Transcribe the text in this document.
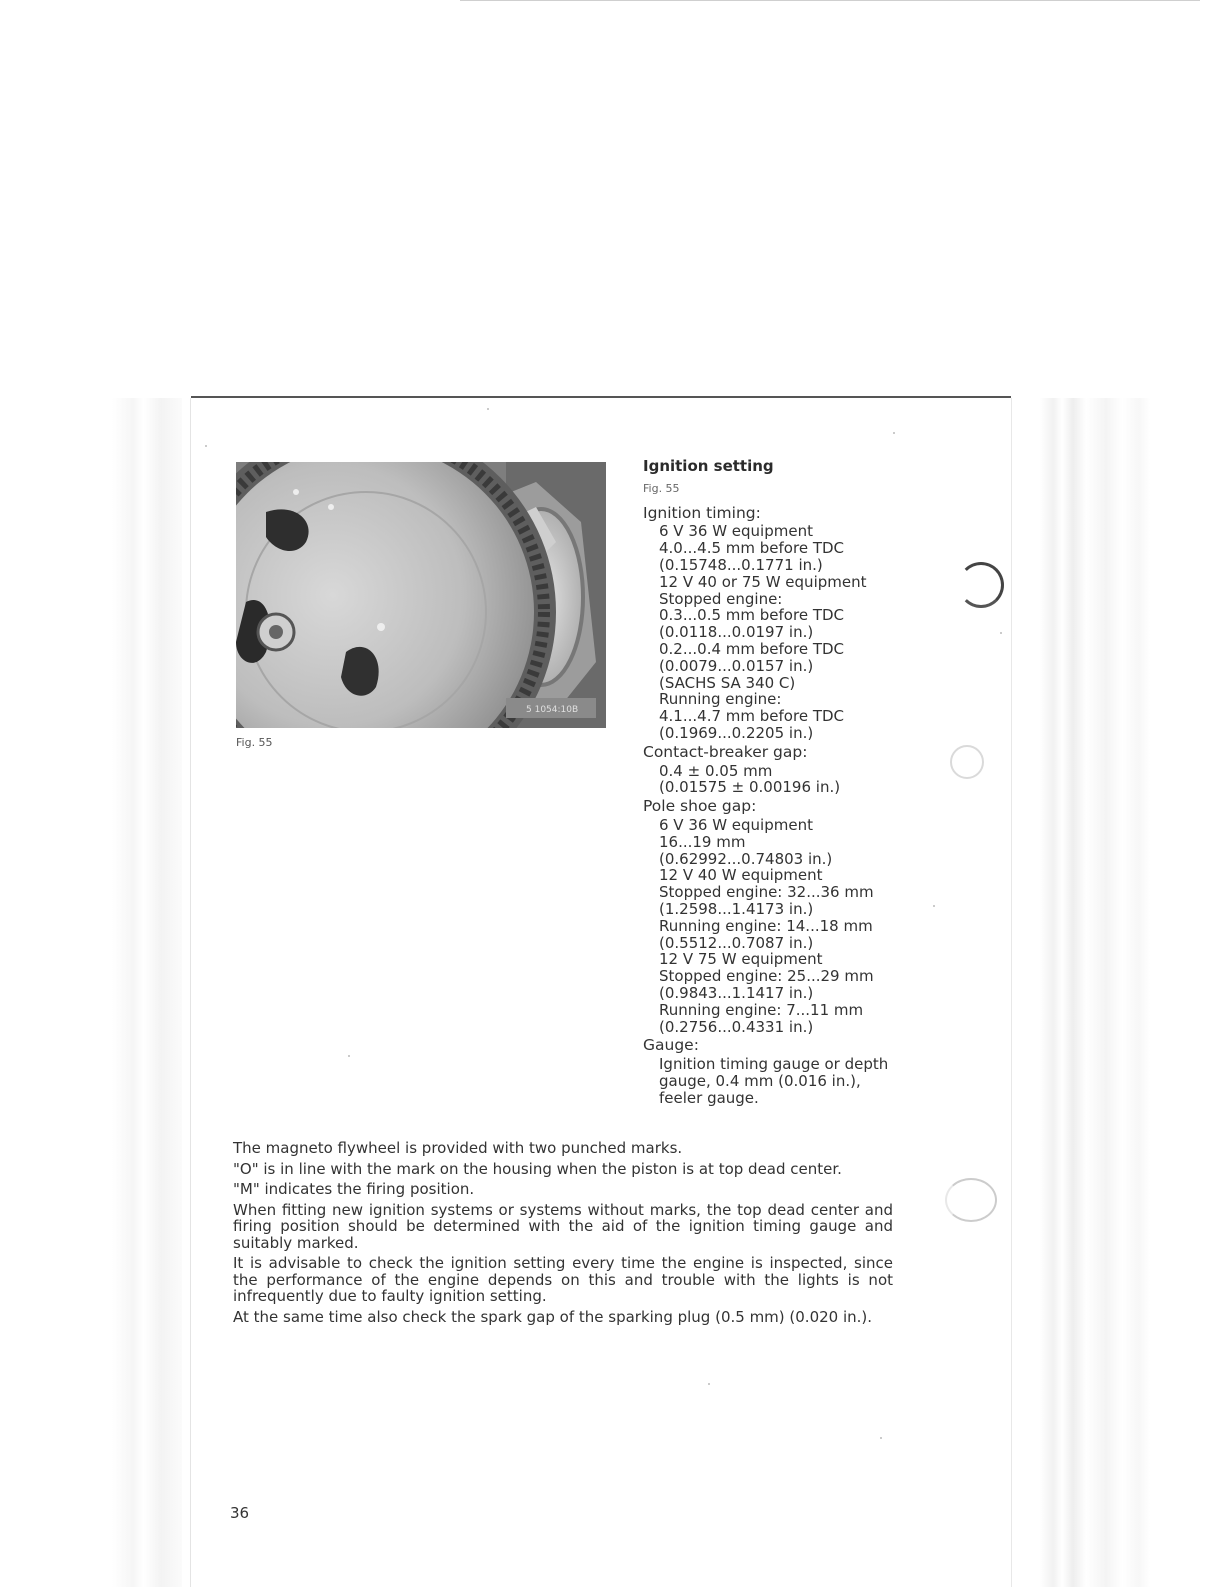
5 1054:10B
Fig. 55
Ignition setting
Fig. 55
Ignition timing:
6 V 36 W equipment
4.0...4.5 mm before TDC
(0.15748...0.1771 in.)
12 V 40 or 75 W equipment
Stopped engine:
0.3...0.5 mm before TDC
(0.0118...0.0197 in.)
0.2...0.4 mm before TDC
(0.0079...0.0157 in.)
(SACHS SA 340 C)
Running engine:
4.1...4.7 mm before TDC
(0.1969...0.2205 in.)
Contact-breaker gap:
0.4 ± 0.05 mm
(0.01575 ± 0.00196 in.)
Pole shoe gap:
6 V 36 W equipment
16...19 mm
(0.62992...0.74803 in.)
12 V 40 W equipment
Stopped engine: 32...36 mm
(1.2598...1.4173 in.)
Running engine: 14...18 mm
(0.5512...0.7087 in.)
12 V 75 W equipment
Stopped engine: 25...29 mm
(0.9843...1.1417 in.)
Running engine: 7...11 mm
(0.2756...0.4331 in.)
Gauge:
Ignition timing gauge or depth
gauge, 0.4 mm (0.016 in.),
feeler gauge.

The magneto flywheel is provided with two punched marks.

"O" is in line with the mark on the housing when the piston is at top dead center.

"M" indicates the firing position.

When fitting new ignition systems or systems without marks, the top dead center and firing position should be determined with the aid of the ignition timing gauge and suitably marked.

It is advisable to check the ignition setting every time the engine is inspected, since the performance of the engine depends on this and trouble with the lights is not infrequently due to faulty ignition setting.

At the same time also check the spark gap of the sparking plug (0.5 mm) (0.020 in.).

36
